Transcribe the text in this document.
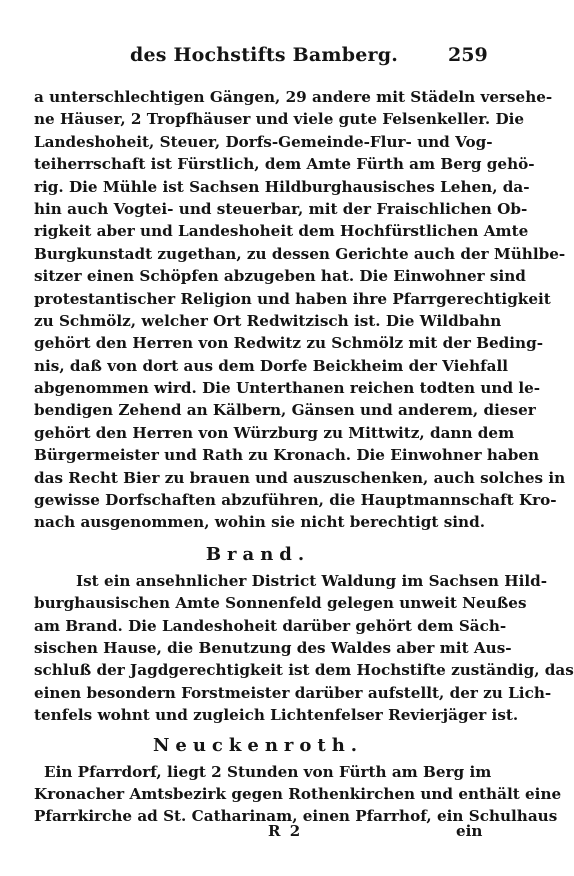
des Hochstifts Bamberg.	259
a unterschlechtigen Gängen, 29 andere mit Städeln versehe-
ne Häuser, 2 Tropfhäuser und viele gute Felsenkeller. Die
Landeshoheit, Steuer, Dorfs-Gemeinde-Flur- und Vog-
teiherrschaft ist Fürstlich, dem Amte Fürth am Berg gehö-
rig. Die Mühle ist Sachsen Hildburghausisches Lehen, da-
hin auch Vogtei- und steuerbar, mit der Fraischlichen Ob-
rigkeit aber und Landeshoheit dem Hochfürstlichen Amte
Burgkunstadt zugethan, zu dessen Gerichte auch der Mühlbe-
sitzer einen Schöpfen abzugeben hat. Die Einwohner sind
protestantischer Religion und haben ihre Pfarrgerechtigkeit
zu Schmölz, welcher Ort Redwitzisch ist. Die Wildbahn
gehört den Herren von Redwitz zu Schmölz mit der Beding-
nis, daß von dort aus dem Dorfe Beickheim der Viehfall
abgenommen wird. Die Unterthanen reichen todten und le-
bendigen Zehend an Kälbern, Gänsen und anderem, dieser
gehört den Herren von Würzburg zu Mittwitz, dann dem
Bürgermeister und Rath zu Kronach. Die Einwohner haben
das Recht Bier zu brauen und auszuschenken, auch solches in
gewisse Dorfschaften abzuführen, die Hauptmannschaft Kro-
nach ausgenommen, wohin sie nicht berechtigt sind.
Brand.
Ist ein ansehnlicher District Waldung im Sachsen Hild-
burghausischen Amte Sonnenfeld gelegen unweit Neußes
am Brand. Die Landeshoheit darüber gehört dem Säch-
sischen Hause, die Benutzung des Waldes aber mit Aus-
schluß der Jagdgerechtigkeit ist dem Hochstifte zuständig, das
einen besondern Forstmeister darüber aufstellt, der zu Lich-
tenfels wohnt und zugleich Lichtenfelser Revierjäger ist.
Neuckenroth.
Ein Pfarrdorf, liegt 2 Stunden von Fürth am Berg im
Kronacher Amtsbezirk gegen Rothenkirchen und enthält eine
Pfarrkirche ad St. Catharinam, einen Pfarrhof, ein Schulhaus
R 2	ein
